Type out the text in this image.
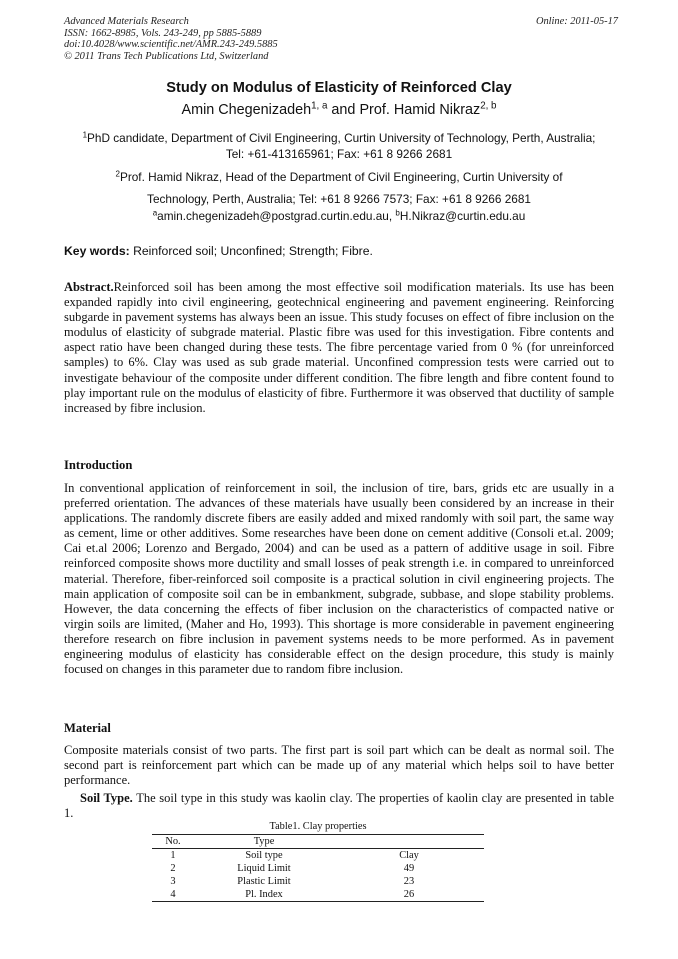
Advanced Materials Research
ISSN: 1662-8985, Vols. 243-249, pp 5885-5889
doi:10.4028/www.scientific.net/AMR.243-249.5885
© 2011 Trans Tech Publications Ltd, Switzerland
Online: 2011-05-17
Study on Modulus of Elasticity of Reinforced Clay
Amin Chegenizadeh$^{1, a}$ and Prof. Hamid Nikraz$^{2, b}$
$^1$PhD candidate, Department of Civil Engineering, Curtin University of Technology, Perth, Australia;
Tel: +61-413165961; Fax: +61 8 9266 2681
$^2$Prof. Hamid Nikraz, Head of the Department of Civil Engineering, Curtin University of
Technology, Perth, Australia; Tel: +61 8 9266 7573; Fax: +61 8 9266 2681
$^a$amin.chegenizadeh@postgrad.curtin.edu.au, $^b$H.Nikraz@curtin.edu.au
Key words: Reinforced soil; Unconfined; Strength; Fibre.
Abstract.Reinforced soil has been among the most effective soil modification materials. Its use has been expanded rapidly into civil engineering, geotechnical engineering and pavement engineering. Reinforcing subgarde in pavement systems has always been an issue. This study focuses on effect of fibre inclusion on the modulus of elasticity of subgrade material. Plastic fibre was used for this investigation. Fibre contents and aspect ratio have been changed during these tests. The fibre percentage varied from 0 % (for unreinforced samples) to 6%. Clay was used as sub grade material. Unconfined compression tests were carried out to investigate behaviour of the composite under different condition. The fibre length and fibre content found to play important rule on the modulus of elasticity of fibre. Furthermore it was observed that ductility of sample increased by fibre inclusion.
Introduction
In conventional application of reinforcement in soil, the inclusion of tire, bars, grids etc are usually in a preferred orientation. The advances of these materials have usually been considered by an increase in their applications. The randomly discrete fibers are easily added and mixed randomly with soil part, the same way as cement, lime or other additives. Some researches have been done on cement additive (Consoli et.al. 2009; Cai et.al 2006; Lorenzo and Bergado, 2004) and can be used as a pattern of additive usage in soil. Fibre reinforced composite shows more ductility and small losses of peak strength i.e. in compared to unreinforced material. Therefore, fiber-reinforced soil composite is a practical solution in civil engineering projects. The main application of composite soil can be in embankment, subgrade, subbase, and slope stability problems. However, the data concerning the effects of fiber inclusion on the characteristics of compacted native or virgin soils are limited, (Maher and Ho, 1993). This shortage is more considerable in pavement engineering therefore research on fibre inclusion in pavement systems needs to be more performed. As in pavement engineering modulus of elasticity has considerable effect on the design procedure, this study is mainly focused on changes in this parameter due to random fibre inclusion.
Material
Composite materials consist of two parts. The first part is soil part which can be dealt as normal soil. The second part is reinforcement part which can be made up of any material which helps soil to have better performance.
Soil Type. The soil type in this study was kaolin clay. The properties of kaolin clay are presented in table 1.
Table1. Clay properties
No.	Type	
1	Soil type	Clay
2	Liquid Limit	49
3	Plastic Limit	23
4	Pl. Index	26
